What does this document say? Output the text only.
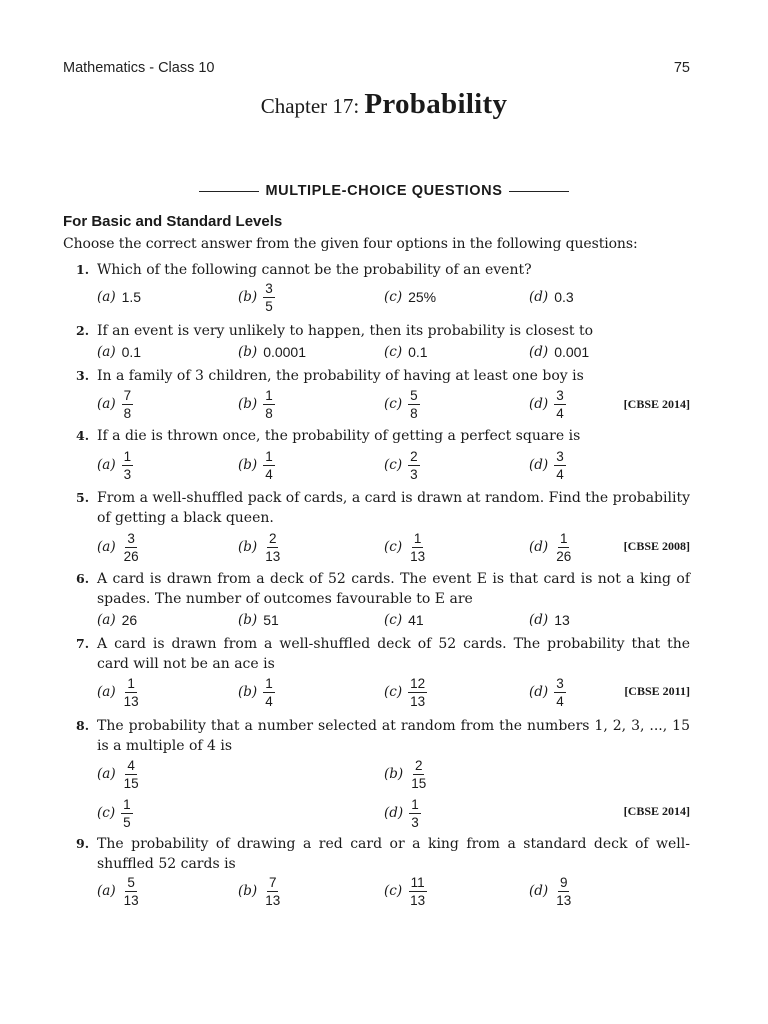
Mathematics - Class 10	75
Chapter 17: Probability
MULTIPLE-CHOICE QUESTIONS
For Basic and Standard Levels
Choose the correct answer from the given four options in the following questions:
1. Which of the following cannot be the probability of an event?
(a) 1.5	$(b) \frac{3}{5}$	(c) 25%	(d) 0.3
2. If an event is very unlikely to happen, then its probability is closest to
(a) 0.1	(b) 0.0001	(c) 0.1	(d) 0.001
3. In a family of 3 children, the probability of having at least one boy is
$(a) \frac{7}{8}$	$(b) \frac{1}{8}$	$(c) \frac{5}{8}$	$(d) \frac{3}{4}$	[CBSE 2014]
4. If a die is thrown once, the probability of getting a perfect square is
$(a) \frac{1}{3}$	$(b) \frac{1}{4}$	$(c) \frac{2}{3}$	$(d) \frac{3}{4}$
5. From a well-shuffled pack of cards, a card is drawn at random. Find the probability of getting a black queen.
$(a) \frac{3}{26}$	$(b) \frac{2}{13}$	$(c) \frac{1}{13}$	$(d) \frac{1}{26}$	[CBSE 2008]
6. A card is drawn from a deck of 52 cards. The event E is that card is not a king of spades. The number of outcomes favourable to E are
(a) 26	(b) 51	(c) 41	(d) 13
7. A card is drawn from a well-shuffled deck of 52 cards. The probability that the card will not be an ace is
$(a) \frac{1}{13}$	$(b) \frac{1}{4}$	$(c) \frac{12}{13}$	$(d) \frac{3}{4}$	[CBSE 2011]
8. The probability that a number selected at random from the numbers 1, 2, 3, ..., 15 is a multiple of 4 is
$(a) \frac{4}{15}$	$(b) \frac{2}{15}$
$(c) \frac{1}{5}$	$(d) \frac{1}{3}$	[CBSE 2014]
9. The probability of drawing a red card or a king from a standard deck of well-shuffled 52 cards is
$(a) \frac{5}{13}$	$(b) \frac{7}{13}$	$(c) \frac{11}{13}$	$(d) \frac{9}{13}$
